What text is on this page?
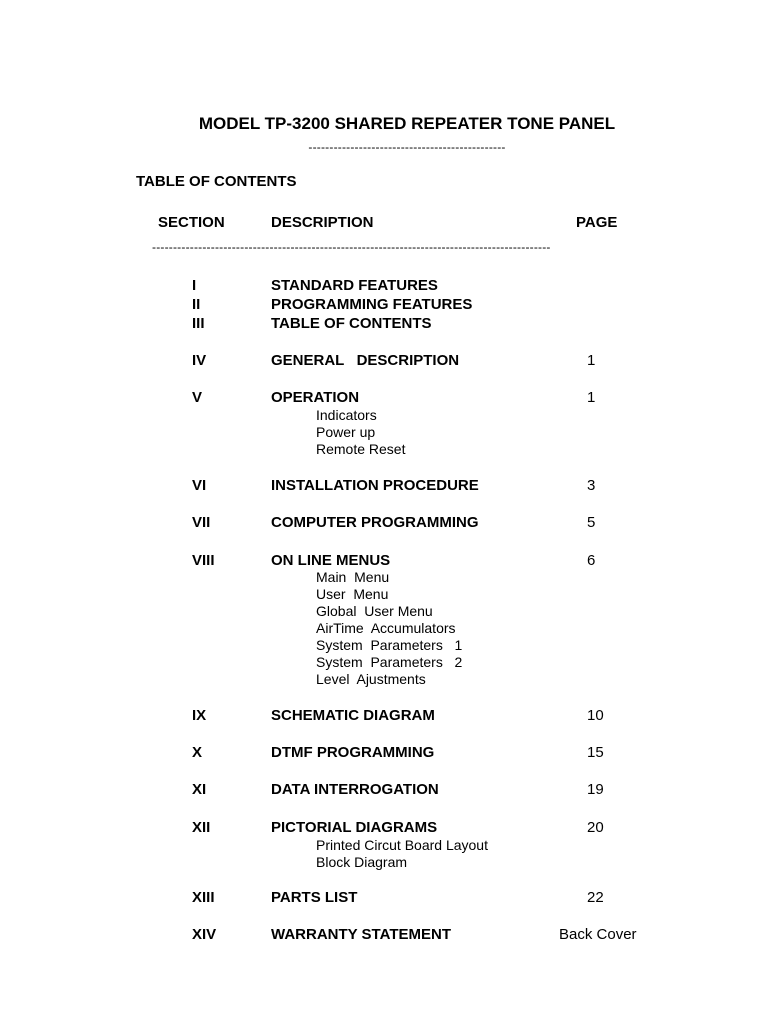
MODEL TP-3200 SHARED REPEATER TONE PANEL
-----------------------------------------------
TABLE OF CONTENTS
SECTION	DESCRIPTION	PAGE
-----------------------------------------------------------------------------------------------
I	STANDARD FEATURES
II	PROGRAMMING FEATURES
III	TABLE OF CONTENTS
IV	GENERAL   DESCRIPTION	1
V	OPERATION	1
Indicators
Power up
Remote Reset
VI	INSTALLATION PROCEDURE	3
VII	COMPUTER PROGRAMMING	5
VIII	ON LINE MENUS	6
Main  Menu
User  Menu
Global  User Menu
AirTime  Accumulators
System  Parameters   1
System  Parameters   2
Level  Ajustments
IX	SCHEMATIC DIAGRAM	10
X	DTMF PROGRAMMING	15
XI	DATA INTERROGATION	19
XII	PICTORIAL DIAGRAMS	20
Printed Circut Board Layout
Block Diagram
XIII	PARTS LIST	22
XIV	WARRANTY STATEMENT	Back Cover
